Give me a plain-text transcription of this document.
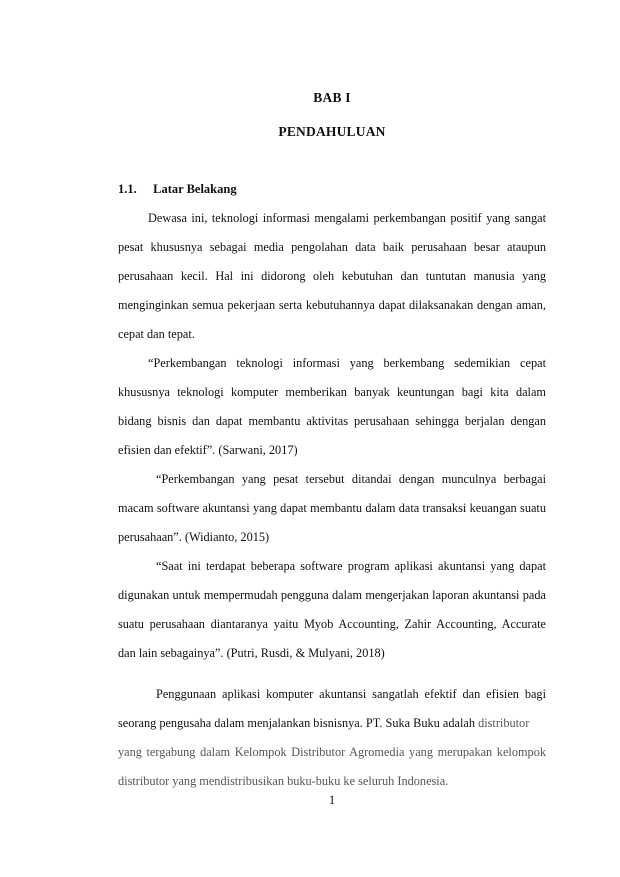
BAB I
PENDAHULUAN
1.1. Latar Belakang
Dewasa ini, teknologi informasi mengalami perkembangan positif yang sangat
pesat khususnya sebagai media pengolahan data baik perusahaan besar ataupun
perusahaan kecil. Hal ini didorong oleh kebutuhan dan tuntutan manusia yang
menginginkan semua pekerjaan serta kebutuhannya dapat dilaksanakan dengan aman,
cepat dan tepat.
“Perkembangan teknologi informasi yang berkembang sedemikian cepat
khususnya teknologi komputer memberikan banyak keuntungan bagi kita dalam
bidang bisnis dan dapat membantu aktivitas perusahaan sehingga berjalan dengan
efisien dan efektif”. (Sarwani, 2017)
“Perkembangan yang pesat tersebut ditandai dengan munculnya berbagai
macam software akuntansi yang dapat membantu dalam data transaksi keuangan suatu
perusahaan”. (Widianto, 2015)
“Saat ini terdapat beberapa software program aplikasi akuntansi yang dapat
digunakan untuk mempermudah pengguna dalam mengerjakan laporan akuntansi pada
suatu perusahaan diantaranya yaitu Myob Accounting, Zahir Accounting, Accurate
dan lain sebagainya”. (Putri, Rusdi, & Mulyani, 2018)
Penggunaan aplikasi komputer akuntansi sangatlah efektif dan efisien bagi
seorang pengusaha dalam menjalankan bisnisnya. PT. Suka Buku adalah distributor
yang tergabung dalam Kelompok Distributor Agromedia yang merupakan kelompok
distributor yang mendistribusikan buku-buku ke seluruh Indonesia.
1
